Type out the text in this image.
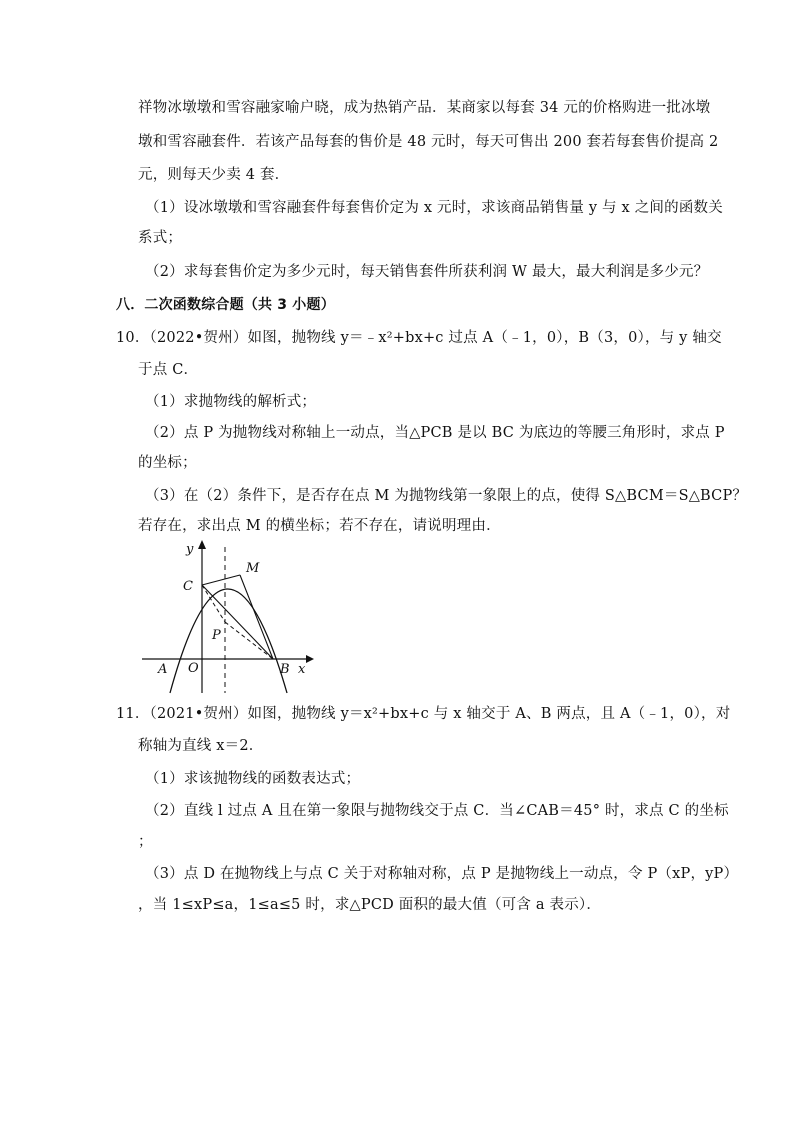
祥物冰墩墩和雪容融家喻户晓，成为热销产品．某商家以每套 34 元的价格购进一批冰墩
墩和雪容融套件．若该产品每套的售价是 48 元时，每天可售出 200 套若每套售价提高 2
元，则每天少卖 4 套．
（1）设冰墩墩和雪容融套件每套售价定为 x 元时，求该商品销售量 y 与 x 之间的函数关
系式；
（2）求每套售价定为多少元时，每天销售套件所获利润 W 最大，最大利润是多少元？
八．二次函数综合题（共 3 小题）
10．（2022•贺州）如图，抛物线 y＝﹣x²+bx+c 过点 A（﹣1，0），B（3，0），与 y 轴交
于点 C．
（1）求抛物线的解析式；
（2）点 P 为抛物线对称轴上一动点，当△PCB 是以 BC 为底边的等腰三角形时，求点 P
的坐标；
（3）在（2）条件下，是否存在点 M 为抛物线第一象限上的点，使得 S△BCM＝S△BCP？
若存在，求出点 M 的横坐标；若不存在，请说明理由．
y
x
O
A	B
C
M
P
11．（2021•贺州）如图，抛物线 y＝x²+bx+c 与 x 轴交于 A、B 两点，且 A（﹣1，0），对
称轴为直线 x＝2．
（1）求该抛物线的函数表达式；
（2）直线 l 过点 A 且在第一象限与抛物线交于点 C．当∠CAB＝45° 时，求点 C 的坐标
；
（3）点 D 在抛物线上与点 C 关于对称轴对称，点 P 是抛物线上一动点，令 P（xP，yP）
，当 1≤xP≤a，1≤a≤5 时，求△PCD 面积的最大值（可含 a 表示）．
